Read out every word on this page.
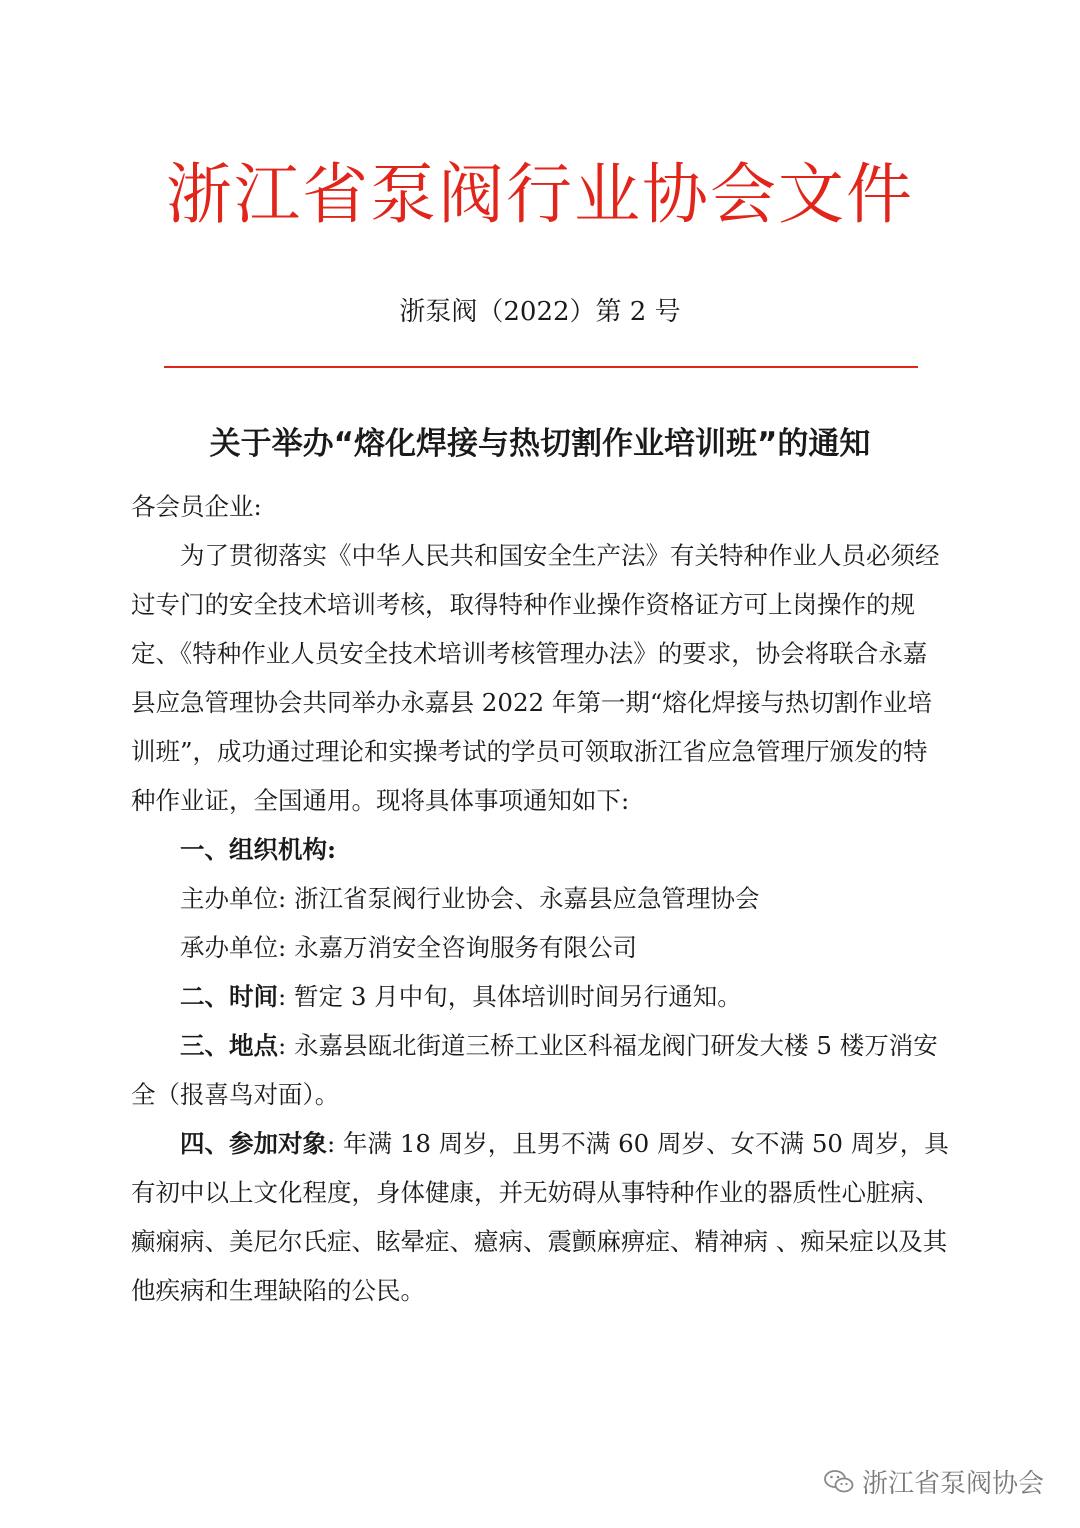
浙江省泵阀行业协会文件
浙泵阀（2022）第 2 号
关于举办“熔化焊接与热切割作业培训班”的通知

各会员企业:

为了贯彻落实《中华人民共和国安全生产法》有关特种作业人员必须经过专门的安全技术培训考核，取得特种作业操作资格证方可上岗操作的规定、《特种作业人员安全技术培训考核管理办法》的要求，协会将联合永嘉县应急管理协会共同举办永嘉县 2022 年第一期“熔化焊接与热切割作业培训班”，成功通过理论和实操考试的学员可领取浙江省应急管理厅颁发的特种作业证，全国通用。现将具体事项通知如下:

一、组织机构:

主办单位: 浙江省泵阀行业协会、永嘉县应急管理协会

承办单位: 永嘉万消安全咨询服务有限公司

二、时间: 暂定 3 月中旬，具体培训时间另行通知。

三、地点: 永嘉县瓯北街道三桥工业区科福龙阀门研发大楼 5 楼万消安全（报喜鸟对面）。

四、参加对象: 年满 18 周岁，且男不满 60 周岁、女不满 50 周岁，具有初中以上文化程度，身体健康，并无妨碍从事特种作业的器质性心脏病、癫痫病、美尼尔氏症、眩晕症、癔病、震颤麻痹症、精神病 、痴呆症以及其他疾病和生理缺陷的公民。

浙江省泵阀协会
